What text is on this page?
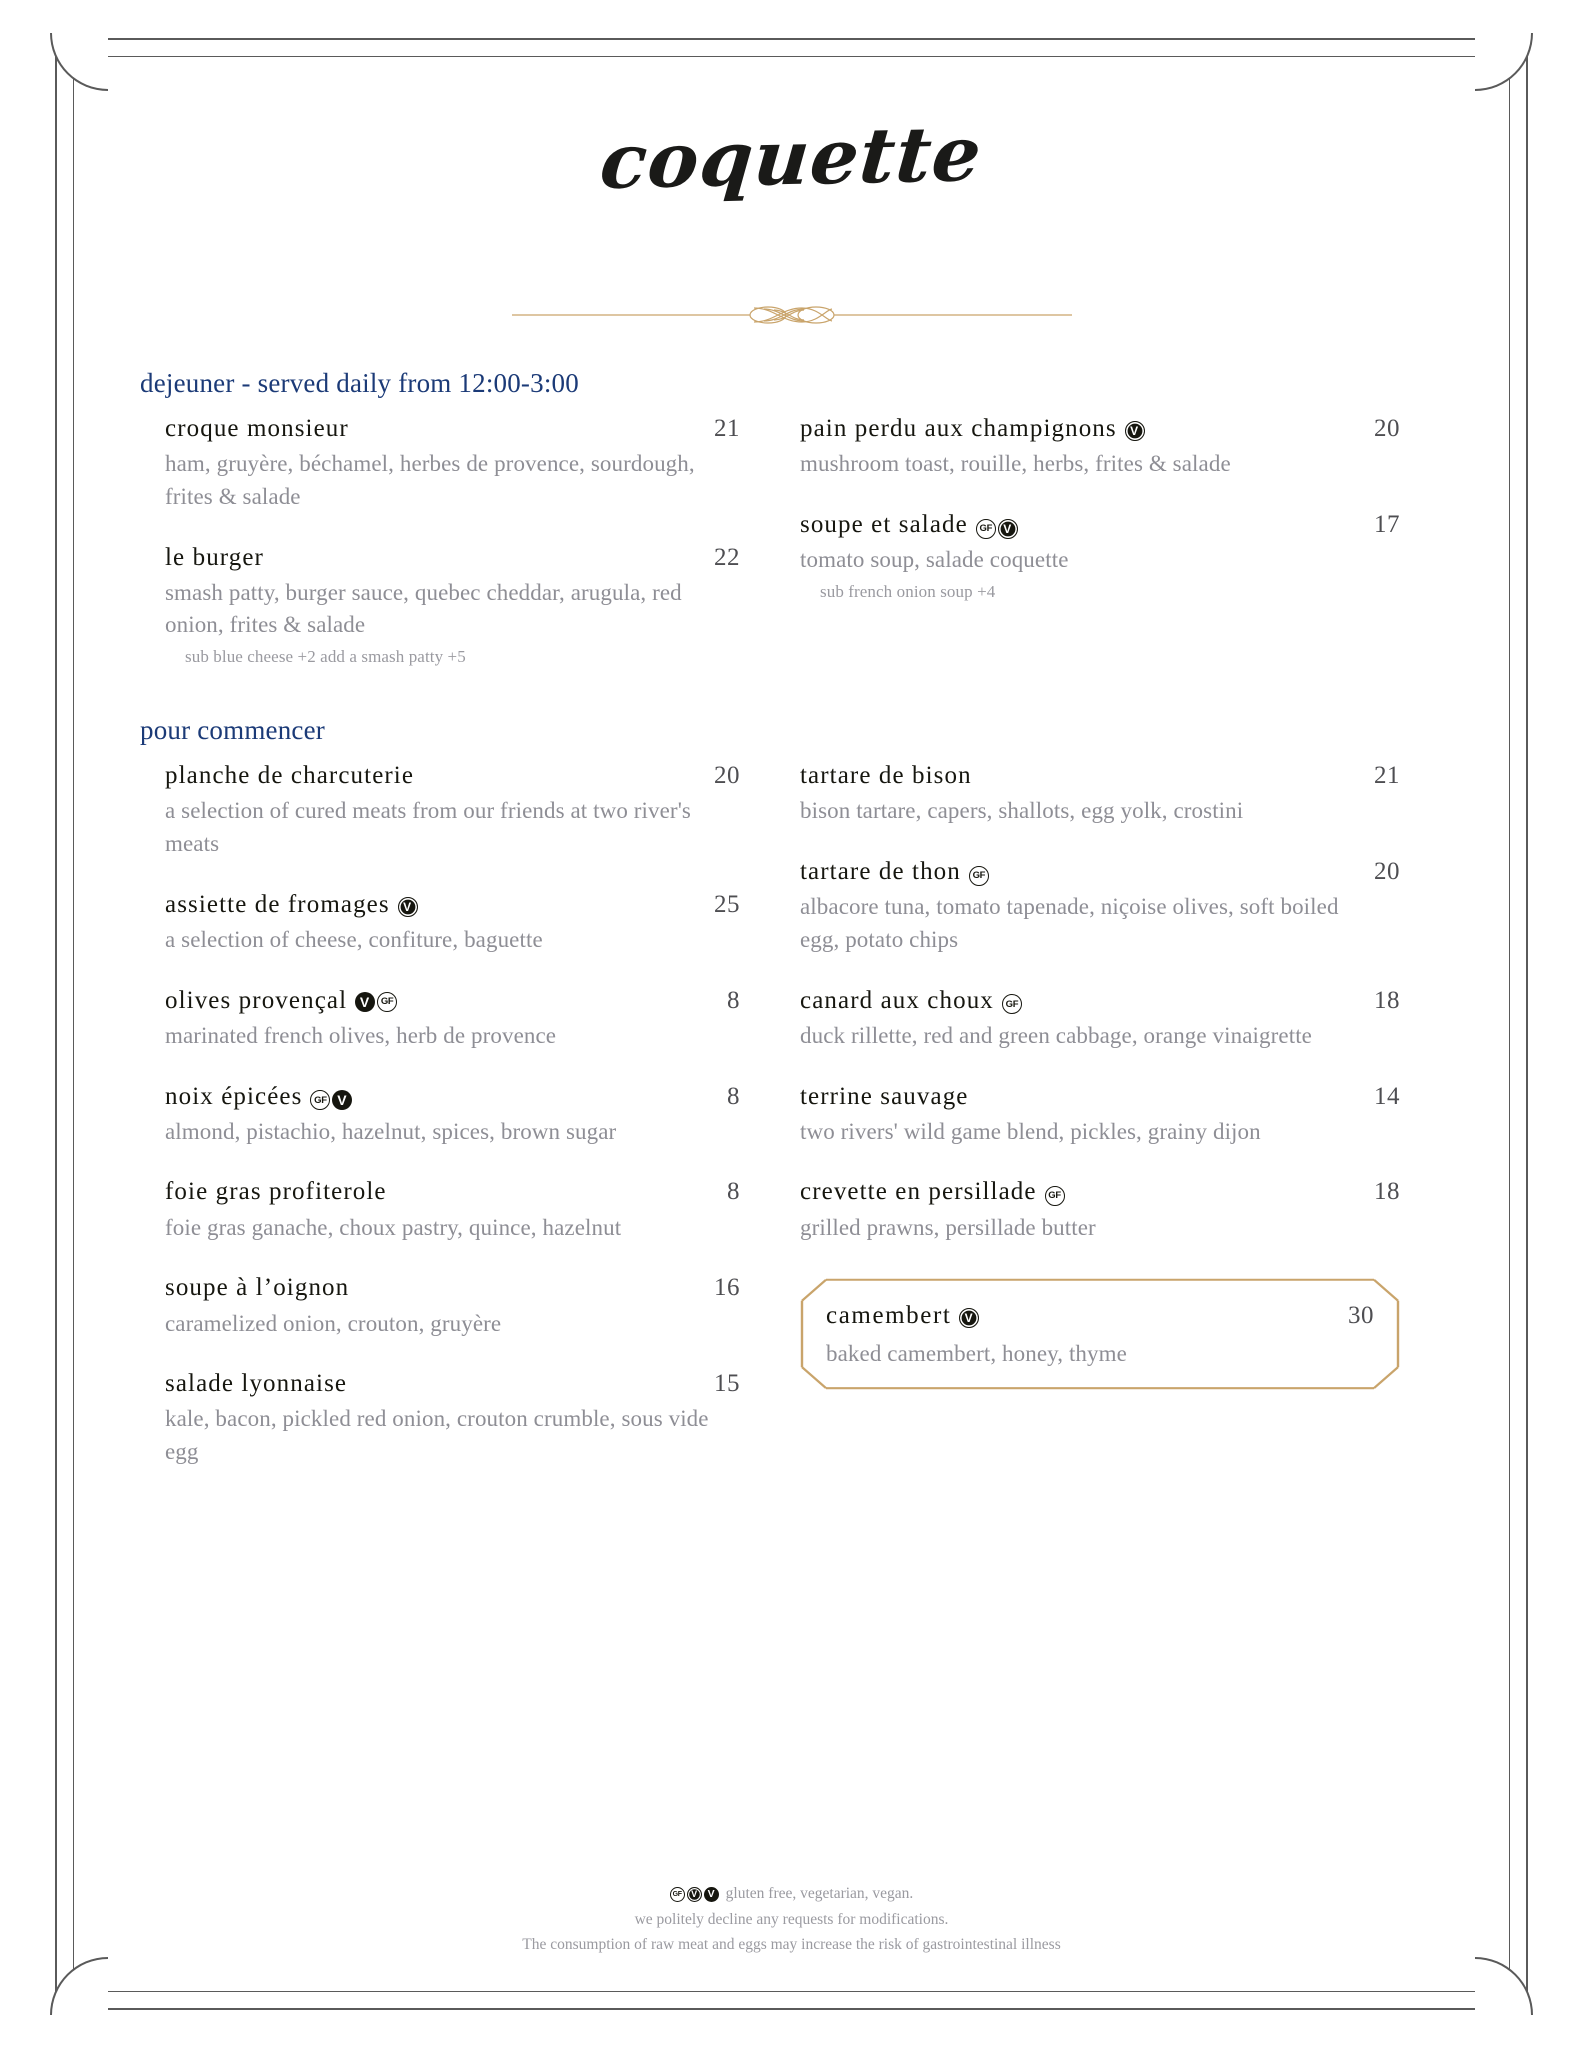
coquette
dejeuner - served daily from 12:00-3:00
croque monsieur	21
ham, gruyère, béchamel, herbes de provence, sourdough, frites & salade
le burger	22
smash patty, burger sauce, quebec cheddar, arugula, red onion, frites & salade
sub blue cheese +2 add a smash patty +5
pain perdu aux champignons	V	20
mushroom toast, rouille, herbs, frites & salade
soupe et salade	GF V	17
tomato soup, salade coquette
sub french onion soup +4
pour commencer
planche de charcuterie	20
a selection of cured meats from our friends at two river's meats
assiette de fromages	V	25
a selection of cheese, confiture, baguette
olives provençal V	GF	8
marinated french olives, herb de provence
noix épicées	GF V	8
almond, pistachio, hazelnut, spices, brown sugar
foie gras profiterole	8
foie gras ganache, choux pastry, quince, hazelnut
soupe à l’oignon	16
caramelized onion, crouton, gruyère
salade lyonnaise	15
kale, bacon, pickled red onion, crouton crumble, sous vide egg
tartare de bison	21
bison tartare, capers, shallots, egg yolk, crostini
tartare de thon	GF	20
albacore tuna, tomato tapenade, niçoise olives, soft boiled egg, potato chips
canard aux choux	GF	18
duck rillette, red and green cabbage, orange vinaigrette
terrine sauvage	14
two rivers' wild game blend, pickles, grainy dijon
crevette en persillade	GF	18
grilled prawns, persillade butter
camembert	V	30
baked camembert, honey, thyme
GF	V V gluten free, vegetarian, vegan.
we politely decline any requests for modifications.
The consumption of raw meat and eggs may increase the risk of gastrointestinal illness
